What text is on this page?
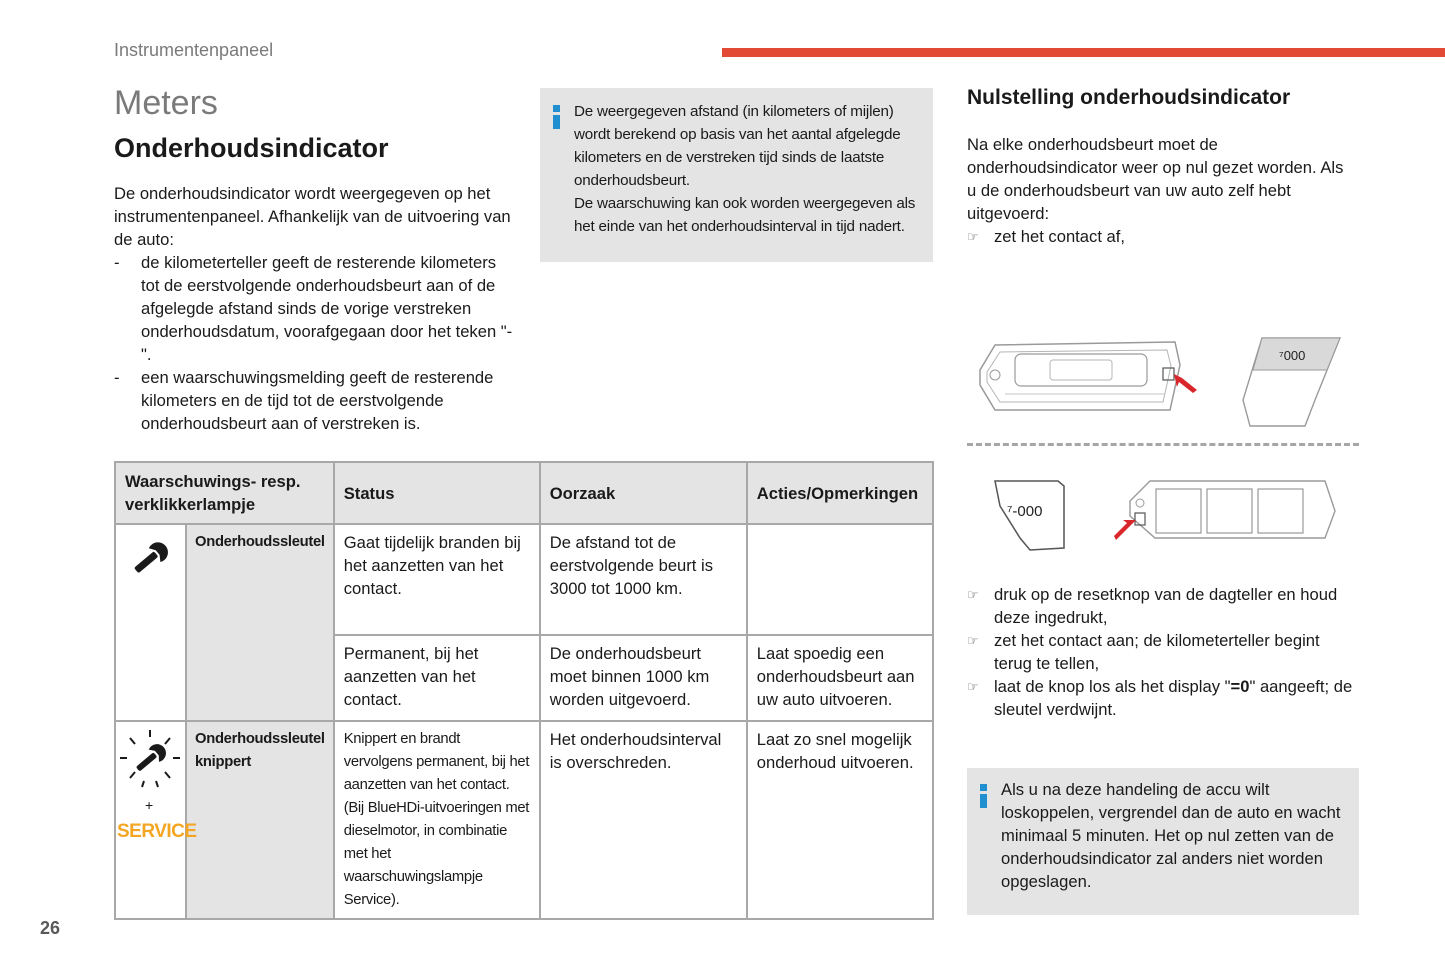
Instrumentenpaneel
Meters
Onderhoudsindicator

De onderhoudsindicator wordt weergegeven op het instrumentenpaneel. Afhankelijk van de uitvoering van de auto:

- de kilometerteller geeft de resterende kilometers tot de eerstvolgende onderhoudsbeurt aan of de afgelegde afstand sinds de vorige verstreken onderhoudsdatum, voorafgegaan door het teken "-".
- een waarschuwingsmelding geeft de resterende kilometers en de tijd tot de eerstvolgende onderhoudsbeurt aan of verstreken is.
De weergegeven afstand (in kilometers of mijlen) wordt berekend op basis van het aantal afgelegde kilometers en de verstreken tijd sinds de laatste onderhoudsbeurt.
De waarschuwing kan ook worden weergegeven als het einde van het onderhoudsinterval in tijd nadert.
Nulstelling onderhoudsindicator
Na elke onderhoudsbeurt moet de onderhoudsindicator weer op nul gezet worden. Als u de onderhoudsbeurt van uw auto zelf hebt uitgevoerd:
☞ zet het contact af,
⁷000
⁷-000
☞ druk op de resetknop van de dagteller en houd deze ingedrukt,
☞ zet het contact aan; de kilometerteller begint terug te tellen,
☞ laat de knop los als het display "=0" aangeeft; de sleutel verdwijnt.
Als u na deze handeling de accu wilt loskoppelen, vergrendel dan de auto en wacht minimaal 5 minuten. Het op nul zetten van de onderhoudsindicator zal anders niet worden opgeslagen.
Waarschuwings- resp. verklikkerlampje		Status	Oorzaak	Acties/Opmerkingen
	Onderhoudssleutel	Gaat tijdelijk branden bij het aanzetten van het contact.	De afstand tot de eerstvolgende beurt is 3000 tot 1000 km.	
		Permanent, bij het aanzetten van het contact.	De onderhoudsbeurt moet binnen 1000 km worden uitgevoerd.	Laat spoedig een onderhoudsbeurt aan uw auto uitvoeren.

+
SERVICE	Onderhoudssleutel knippert	Knippert en brandt vervolgens permanent, bij het aanzetten van het contact. (Bij BlueHDi-uitvoeringen met dieselmotor, in combinatie met het waarschuwingslampje Service).	Het onderhoudsinterval is overschreden.	Laat zo snel mogelijk onderhoud uitvoeren.
26
